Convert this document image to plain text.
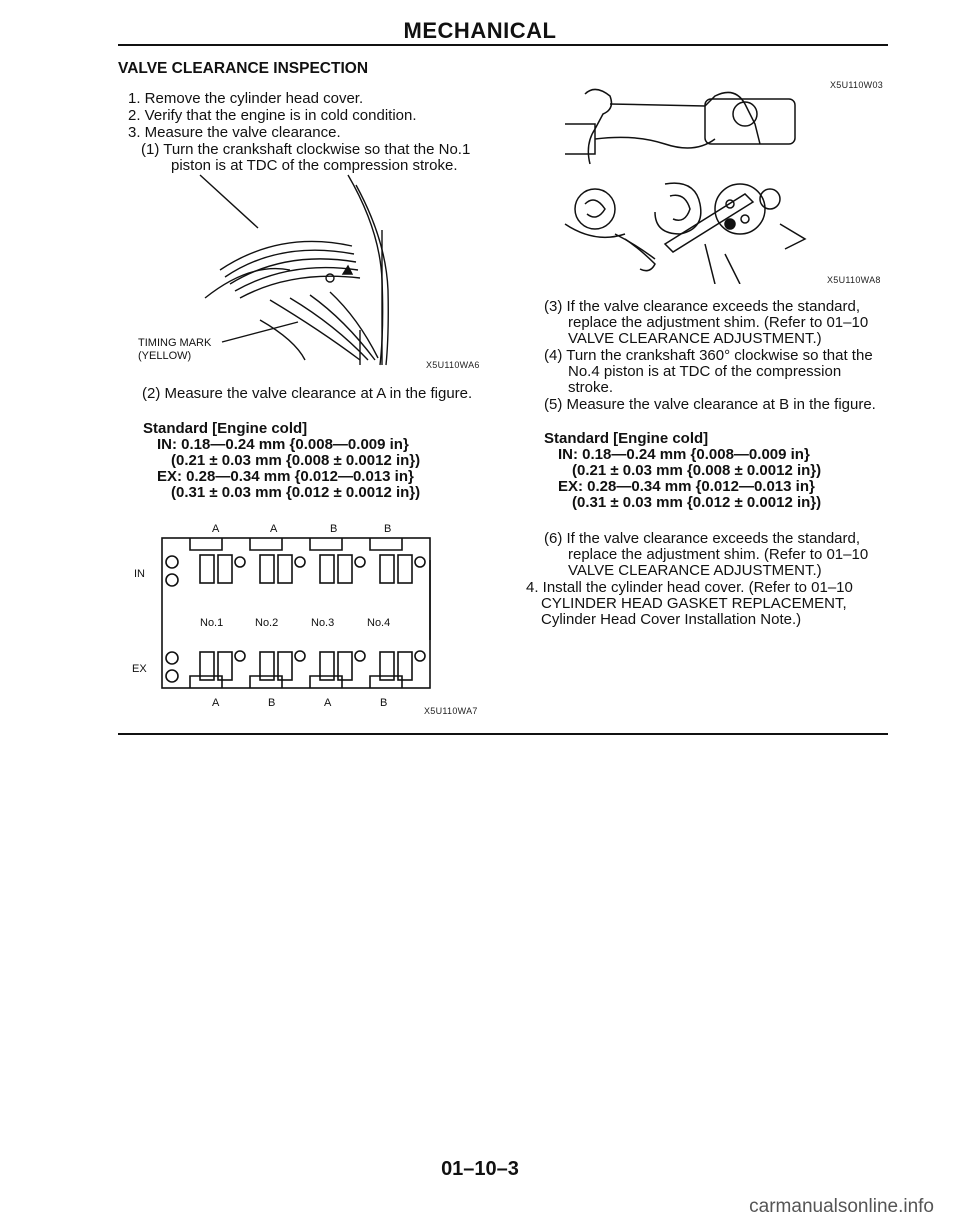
MECHANICAL
VALVE CLEARANCE INSPECTION
1. Remove the cylinder head cover.
2. Verify that the engine is in cold condition.
3. Measure the valve clearance.
(1) Turn the crankshaft clockwise so that the No.1
piston is at TDC of the compression stroke.
TIMING MARK
(YELLOW)
X5U110WA6
(2) Measure the valve clearance at A in the figure.
Standard [Engine cold]
IN: 0.18—0.24 mm {0.008—0.009 in}
(0.21 ± 0.03 mm {0.008 ± 0.0012 in})
EX: 0.28—0.34 mm {0.012—0.013 in}
(0.31 ± 0.03 mm {0.012 ± 0.0012 in})
A	A	B	B
IN
No.1	No.2	No.3	No.4
EX
A	B	A	B
X5U110WA7
X5U110W03
X5U110WA8
(3) If the valve clearance exceeds the standard,
replace the adjustment shim. (Refer to 01–10
VALVE CLEARANCE ADJUSTMENT.)
(4) Turn the crankshaft 360° clockwise so that the
No.4 piston is at TDC of the compression
stroke.
(5) Measure the valve clearance at B in the figure.
Standard [Engine cold]
IN: 0.18—0.24 mm {0.008—0.009 in}
(0.21 ± 0.03 mm {0.008 ± 0.0012 in})
EX: 0.28—0.34 mm {0.012—0.013 in}
(0.31 ± 0.03 mm {0.012 ± 0.0012 in})
(6) If the valve clearance exceeds the standard,
replace the adjustment shim. (Refer to 01–10
VALVE CLEARANCE ADJUSTMENT.)
4. Install the cylinder head cover. (Refer to 01–10
CYLINDER HEAD GASKET REPLACEMENT,
Cylinder Head Cover Installation Note.)
01–10–3
carmanualsonline.info
